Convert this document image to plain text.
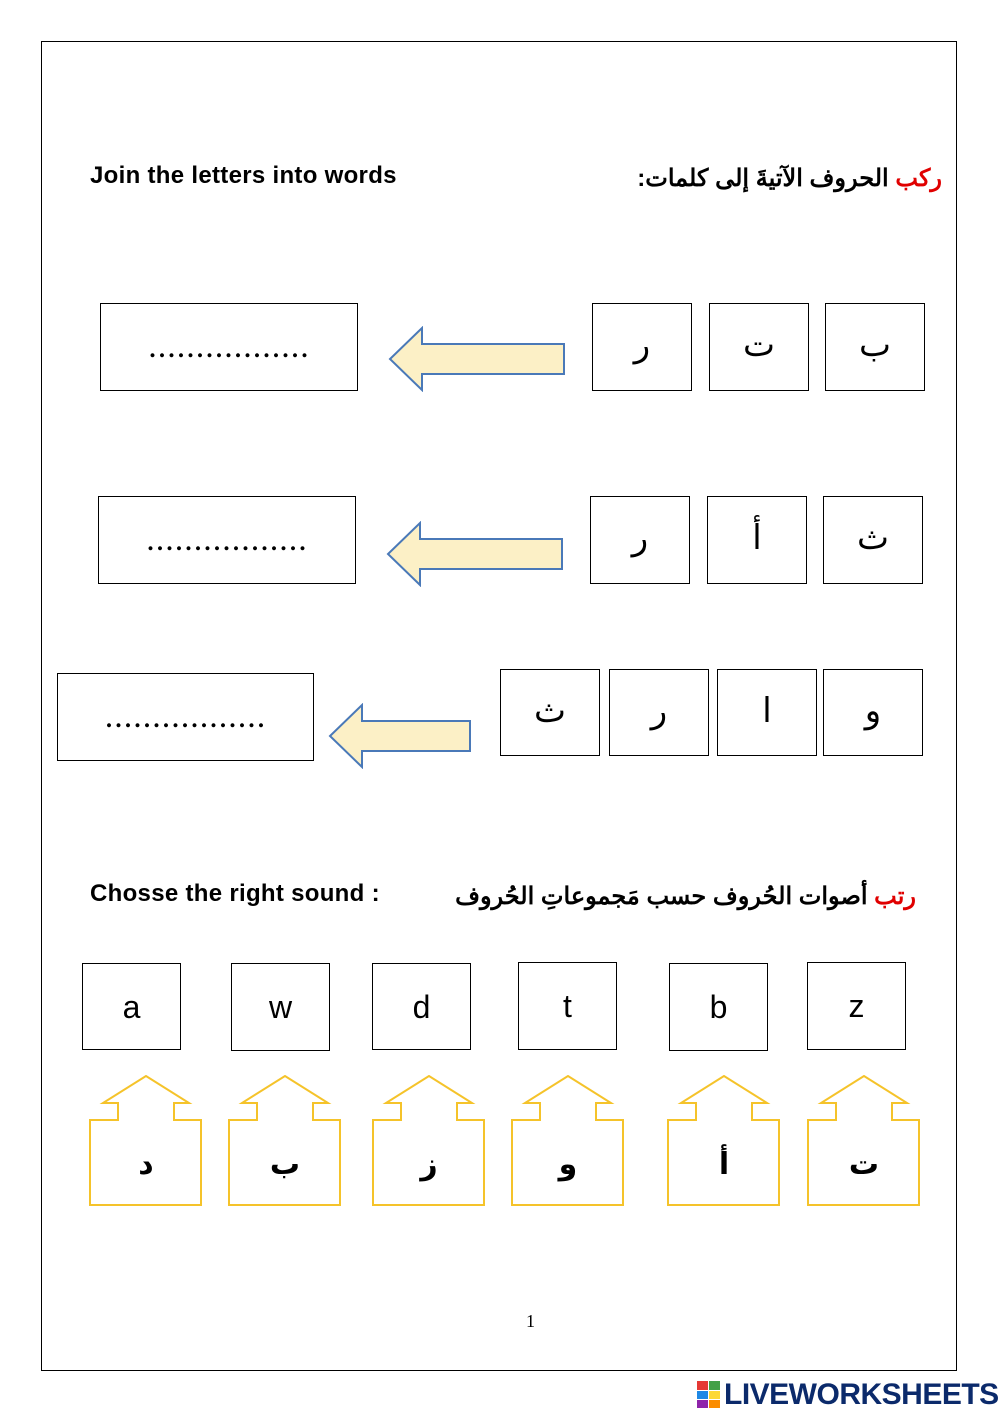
Join the letters into words	ركب الحروف الآتيةَ إلى كلمات:
ب
ت
ر
.................
ث
أ
ر
.................
و
ا
ر
ث
.................
Chosse the right sound :	رتب أصوات الحُروف حسب مَجموعاتِ الحُروف
a	w	d	t	b	z
د	ب	ز	و	أ	ت
1
LIVEWORKSHEETS
